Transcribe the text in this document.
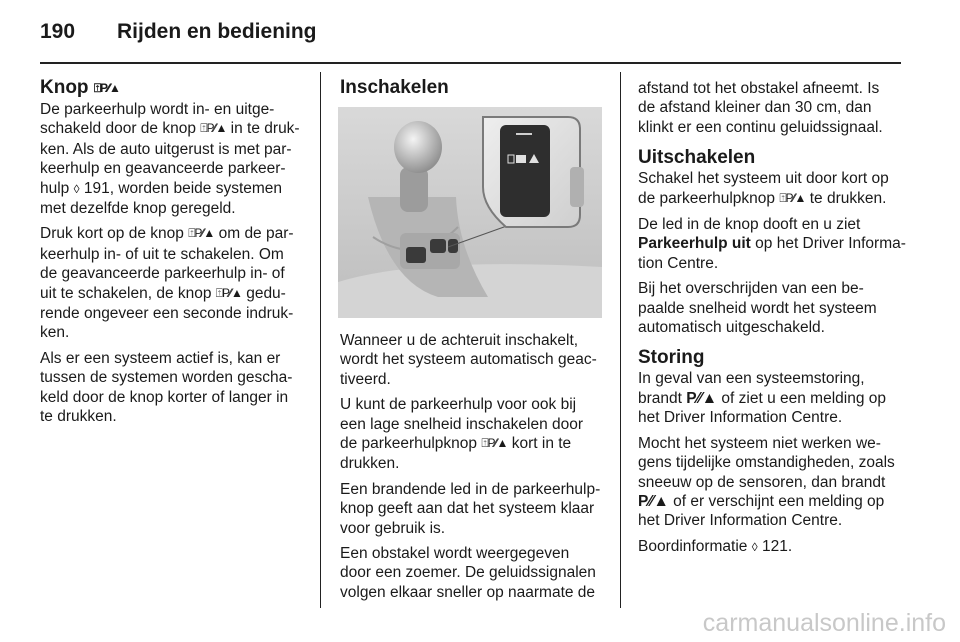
190 Rijden en bediening
Knop ⍐P⁄⁄▲

De parkeerhulp wordt in- en uitge-
schakeld door de knop ⍐P⁄⁄▲ in te druk-
ken. Als de auto uitgerust is met par-
keerhulp en geavanceerde parkeer-
hulp ◊ 191, worden beide systemen
met dezelfde knop geregeld.

Druk kort op de knop ⍐P⁄⁄▲ om de par-
keerhulp in- of uit te schakelen. Om
de geavanceerde parkeerhulp in- of
uit te schakelen, de knop ⍐P⁄⁄▲ gedu-
rende ongeveer een seconde indruk-
ken.

Als er een systeem actief is, kan er
tussen de systemen worden gescha-
keld door de knop korter of langer in
te drukken.

Inschakelen

Wanneer u de achteruit inschakelt,
wordt het systeem automatisch geac-
tiveerd.

U kunt de parkeerhulp voor ook bij
een lage snelheid inschakelen door
de parkeerhulpknop ⍐P⁄⁄▲ kort in te
drukken.

Een brandende led in de parkeerhulp-
knop geeft aan dat het systeem klaar
voor gebruik is.

Een obstakel wordt weergegeven
door een zoemer. De geluidssignalen
volgen elkaar sneller op naarmate de

afstand tot het obstakel afneemt. Is
de afstand kleiner dan 30 cm, dan
klinkt er een continu geluidssignaal.

Uitschakelen

Schakel het systeem uit door kort op
de parkeerhulpknop ⍐P⁄⁄▲ te drukken.

De led in de knop dooft en u ziet
Parkeerhulp uit op het Driver Informa-
tion Centre.

Bij het overschrijden van een be-
paalde snelheid wordt het systeem
automatisch uitgeschakeld.

Storing

In geval van een systeemstoring,
brandt P⁄⁄▲ of ziet u een melding op
het Driver Information Centre.

Mocht het systeem niet werken we-
gens tijdelijke omstandigheden, zoals
sneeuw op de sensoren, dan brandt
P⁄⁄▲ of er verschijnt een melding op
het Driver Information Centre.

Boordinformatie ◊ 121.

carmanualsonline.info
